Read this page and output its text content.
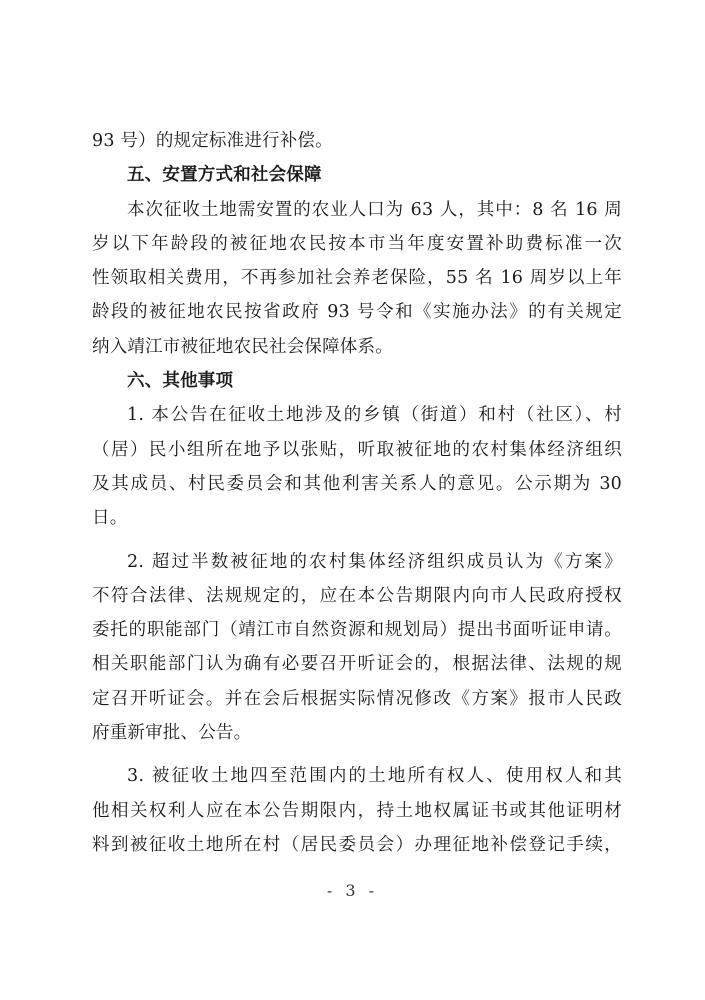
93 号）的规定标准进行补偿。
五、安置方式和社会保障
本次征收土地需安置的农业人口为 63 人，其中：8 名 16 周
岁以下年龄段的被征地农民按本市当年度安置补助费标准一次
性领取相关费用，不再参加社会养老保险，55 名 16 周岁以上年
龄段的被征地农民按省政府 93 号令和《实施办法》的有关规定
纳入靖江市被征地农民社会保障体系。
六、其他事项
1. 本公告在征收土地涉及的乡镇（街道）和村（社区）、村
（居）民小组所在地予以张贴，听取被征地的农村集体经济组织
及其成员、村民委员会和其他利害关系人的意见。公示期为 30
日。
2. 超过半数被征地的农村集体经济组织成员认为《方案》
不符合法律、法规规定的，应在本公告期限内向市人民政府授权
委托的职能部门（靖江市自然资源和规划局）提出书面听证申请。
相关职能部门认为确有必要召开听证会的，根据法律、法规的规
定召开听证会。并在会后根据实际情况修改《方案》报市人民政
府重新审批、公告。
3. 被征收土地四至范围内的土地所有权人、使用权人和其
他相关权利人应在本公告期限内，持土地权属证书或其他证明材
料到被征收土地所在村（居民委员会）办理征地补偿登记手续，
- 3 -
